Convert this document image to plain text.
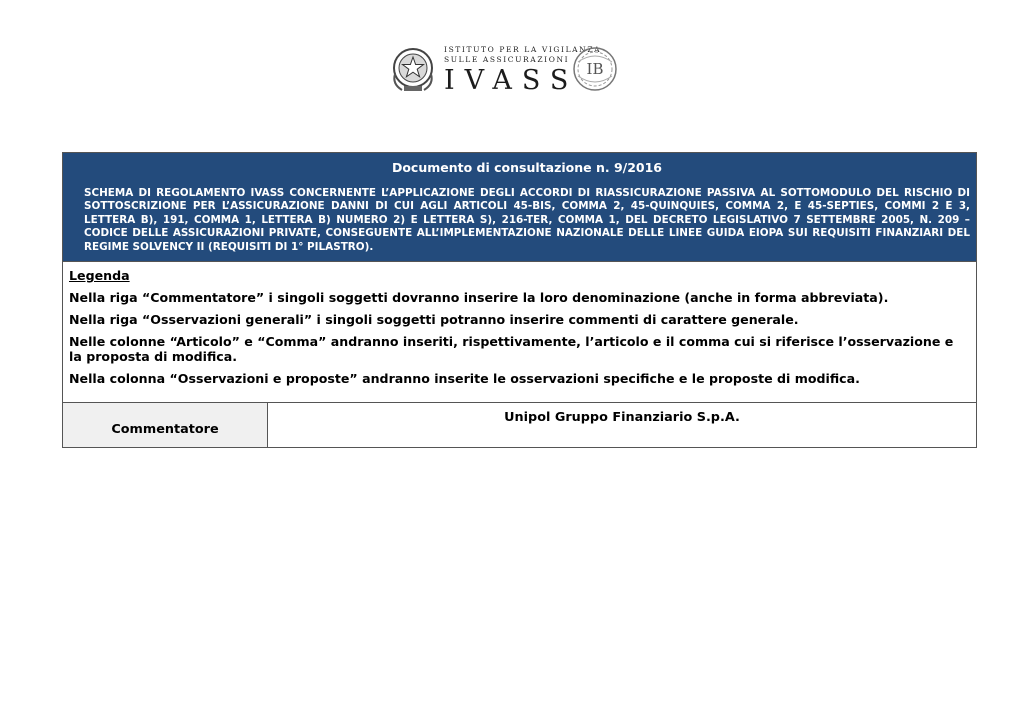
ISTITUTO PER LA VIGILANZA
SULLE ASSICURAZIONI
IVASS IB
Documento di consultazione n. 9/2016
SCHEMA DI REGOLAMENTO IVASS CONCERNENTE L’APPLICAZIONE DEGLI ACCORDI DI RIASSICURAZIONE PASSIVA AL SOTTOMODULO DEL RISCHIO DI SOTTOSCRIZIONE PER L’ASSICURAZIONE DANNI DI CUI AGLI ARTICOLI 45-BIS, COMMA 2, 45-QUINQUIES, COMMA 2, E 45-SEPTIES, COMMI 2 E 3, LETTERA B), 191, COMMA 1, LETTERA B) NUMERO 2) E LETTERA S), 216-TER, COMMA 1, DEL DECRETO LEGISLATIVO 7 SETTEMBRE 2005, N. 209 – CODICE DELLE ASSICURAZIONI PRIVATE, CONSEGUENTE ALL’IMPLEMENTAZIONE NAZIONALE DELLE LINEE GUIDA EIOPA SUI REQUISITI FINANZIARI DEL REGIME SOLVENCY II (REQUISITI DI 1° PILASTRO).
Legenda
Nella riga “Commentatore” i singoli soggetti dovranno inserire la loro denominazione (anche in forma abbreviata).
Nella riga “Osservazioni generali” i singoli soggetti potranno inserire commenti di carattere generale.
Nelle colonne “Articolo” e “Comma” andranno inseriti, rispettivamente, l’articolo e il comma cui si riferisce l’osservazione e la proposta di modifica.
Nella colonna “Osservazioni e proposte” andranno inserite le osservazioni specifiche e le proposte di modifica.
Commentatore
Unipol Gruppo Finanziario S.p.A.
